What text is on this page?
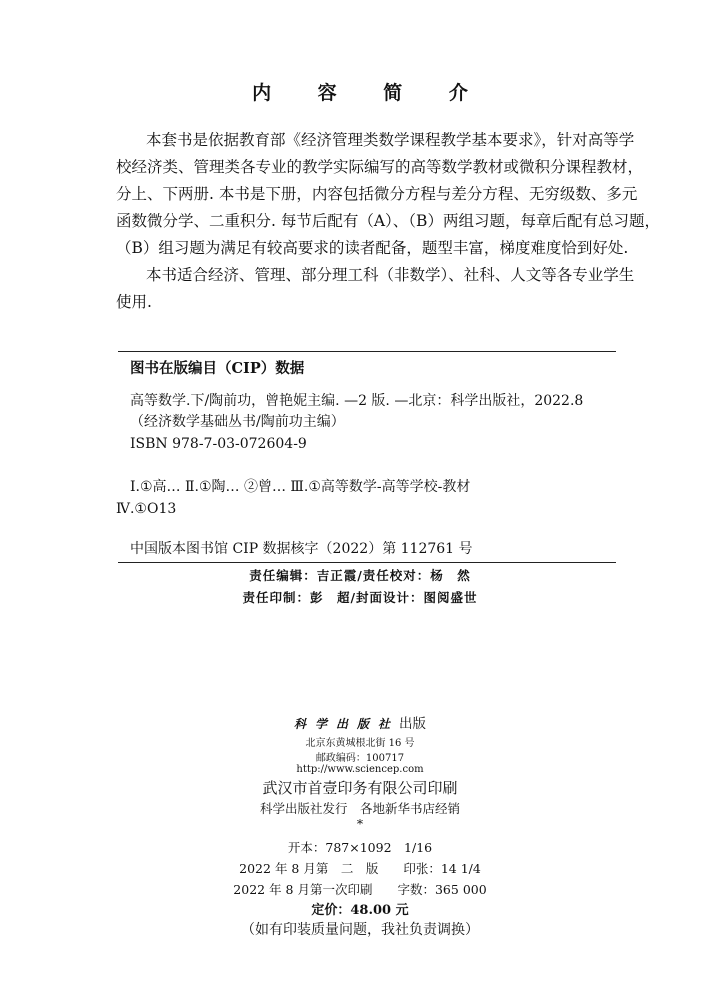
内 容 简 介

本套书是依据教育部《经济管理类数学课程教学基本要求》，针对高等学

校经济类、管理类各专业的教学实际编写的高等数学教材或微积分课程教材，

分上、下两册. 本书是下册，内容包括微分方程与差分方程、无穷级数、多元

函数微分学、二重积分. 每节后配有（A）、（B）两组习题，每章后配有总习题，

（B）组习题为满足有较高要求的读者配备，题型丰富，梯度难度恰到好处.

本书适合经济、管理、部分理工科（非数学）、社科、人文等各专业学生

使用.

图书在版编目（CIP）数据
高等数学.下/陶前功，曾艳妮主编. —2 版. —北京：科学出版社，2022.8
（经济数学基础丛书/陶前功主编）
ISBN 978-7-03-072604-9
Ⅰ.①高… Ⅱ.①陶… ②曾… Ⅲ.①高等数学-高等学校-教材
Ⅳ.①O13
中国版本图书馆 CIP 数据核字（2022）第 112761 号
责任编辑：吉正霞/责任校对：杨　然
责任印制：彭　超/封面设计：图阅盛世
科学出版社出版
北京东黄城根北街 16 号
邮政编码：100717
http://www.sciencep.com
武汉市首壹印务有限公司印刷
科学出版社发行　各地新华书店经销
*
开本：787×1092　1/16
2022 年 8 月第　二　版　　印张：14 1/4
2022 年 8 月第一次印刷　　字数：365 000
定价：48.00 元
（如有印装质量问题，我社负责调换）
